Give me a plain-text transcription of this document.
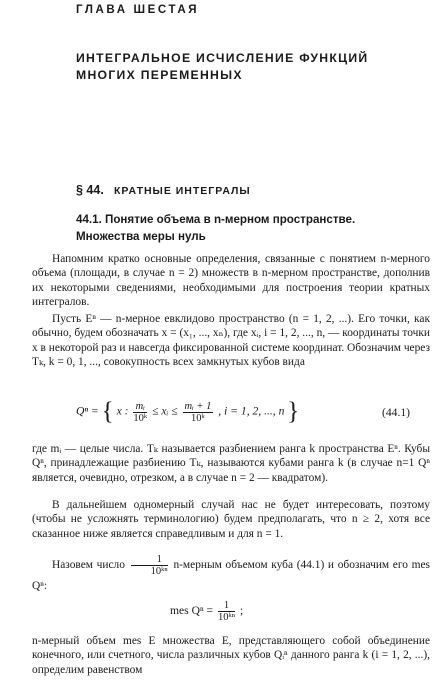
ГЛАВА ШЕСТАЯ
ИНТЕГРАЛЬНОЕ ИСЧИСЛЕНИЕ ФУНКЦИЙ
МНОГИХ ПЕРЕМЕННЫХ
§ 44. КРАТНЫЕ ИНТЕГРАЛЫ
44.1. Понятие объема в n-мерном пространстве.
Множества меры нуль
Напомним кратко основные определения, связанные с понятием n-мерного объема (площади, в случае n = 2) множеств в n-мерном пространстве, дополнив их некоторыми сведениями, необходимыми для построения теории кратных интегралов.
Пусть Eⁿ — n-мерное евклидово пространство (n = 1, 2, ...). Его точки, как обычно, будем обозначать x = (x₁, ..., xₙ), где xᵢ, i = 1, 2, ..., n, — координаты точки x в некоторой раз и навсегда фиксированной системе координат. Обозначим через Tₖ, k = 0, 1, ..., совокупность всех замкнутых кубов вида
Qⁿ = { x : $\frac{\text{mᵢ}}{\text{10ᵏ}}$ ≤ xᵢ ≤ $\frac{\text{mᵢ + 1}}{\text{10ᵏ}}$ , i = 1, 2, ..., n }	(44.1)
где mᵢ — целые числа. Tₖ называется разбиением ранга k пространства Eⁿ. Кубы Qⁿ, принадлежащие разбиению Tₖ, называются кубами ранга k (в случае n=1 Qⁿ является, очевидно, отрезком, а в случае n = 2 — квадратом).
В дальнейшем одномерный случай нас не будет интересовать, поэтому (чтобы не усложнять терминологию) будем предполагать, что n ≥ 2, хотя все сказанное ниже является справедливым и для n = 1.
Назовем число $\frac{1}{\text{10ᵏⁿ}}$ n-мерным объемом куба (44.1) и обозначим его mes Qⁿ:
mes $Q^n = \frac{1}{\text{10ᵏⁿ}}$ ;
n-мерный объем mes E множества E, представляющего собой объединение конечного, или счетного, числа различных кубов Qᵢⁿ данного ранга k (i = 1, 2, ...), определим равенством
